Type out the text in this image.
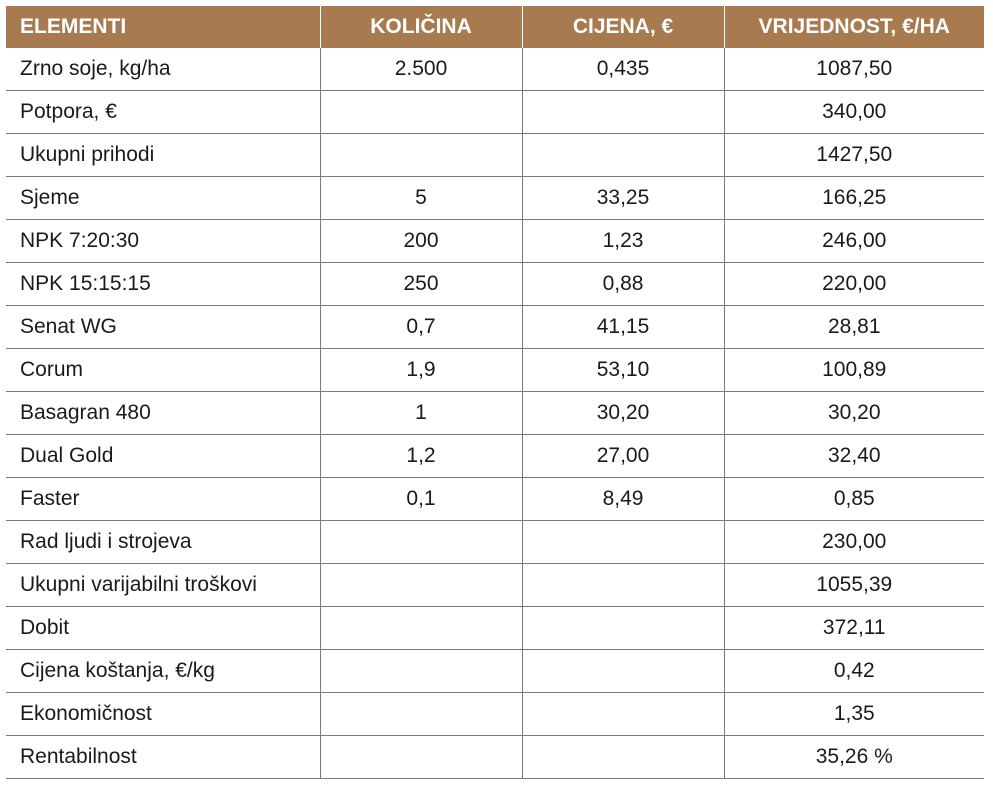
ELEMENTI	KOLIČINA	CIJENA, €	VRIJEDNOST, €/HA
Zrno soje, kg/ha	2.500	0,435	1087,50
Potpora, €			340,00
Ukupni prihodi			1427,50
Sjeme	5	33,25	166,25
NPK 7:20:30	200	1,23	246,00
NPK 15:15:15	250	0,88	220,00
Senat WG	0,7	41,15	28,81
Corum	1,9	53,10	100,89
Basagran 480	1	30,20	30,20
Dual Gold	1,2	27,00	32,40
Faster	0,1	8,49	0,85
Rad ljudi i strojeva			230,00
Ukupni varijabilni troškovi			1055,39
Dobit			372,11
Cijena koštanja, €/kg			0,42
Ekonomičnost			1,35
Rentabilnost			35,26 %
